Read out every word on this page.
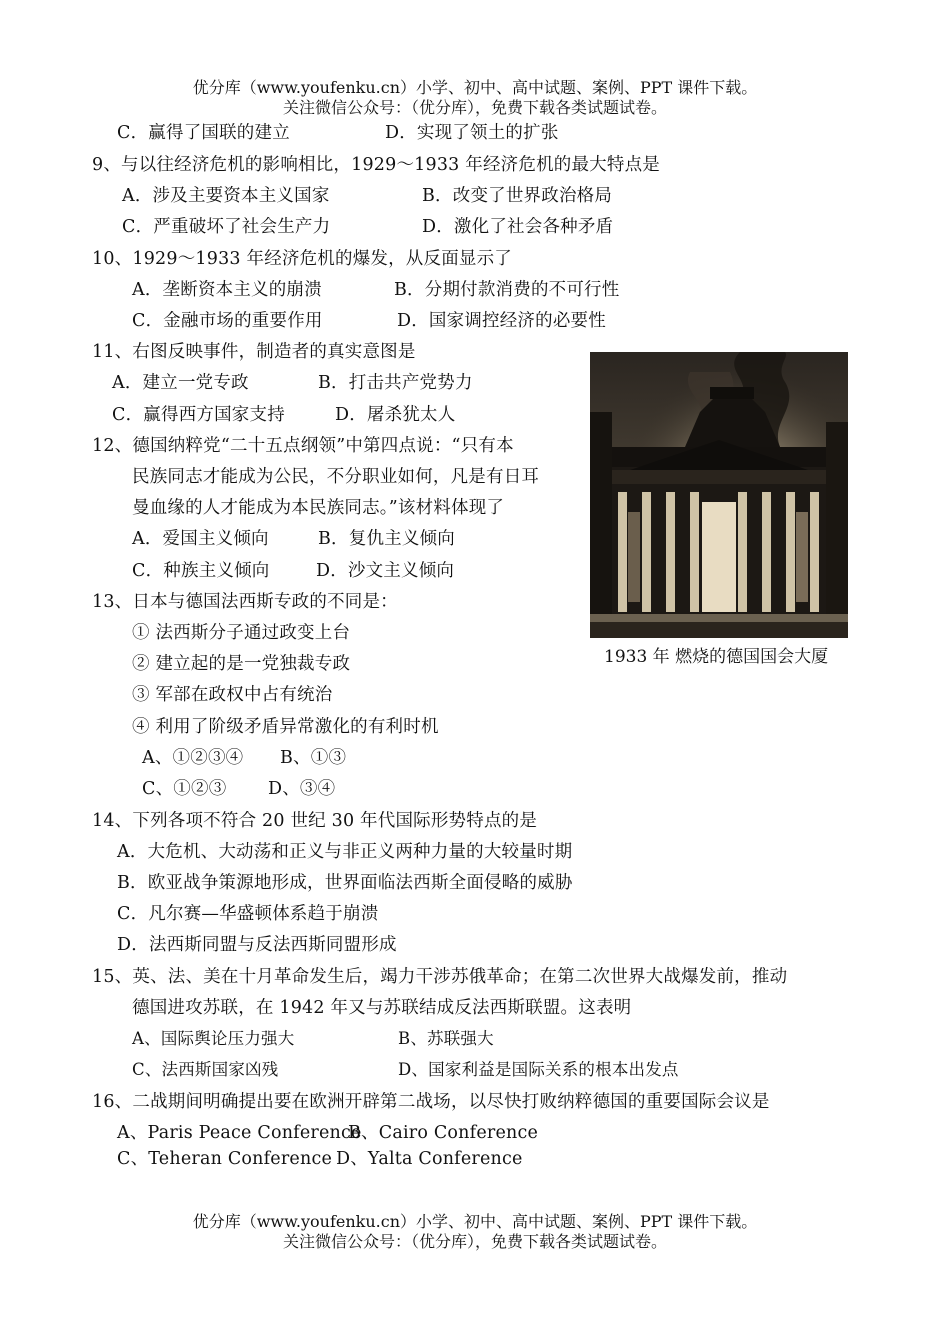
优分库（www.youfenku.cn）小学、初中、高中试题、案例、PPT 课件下载。
关注微信公众号：（优分库），免费下载各类试题试卷。
C．赢得了国联的建立	D．实现了领土的扩张
9、与以往经济危机的影响相比，1929～1933 年经济危机的最大特点是
A．涉及主要资本主义国家	B．改变了世界政治格局
C．严重破坏了社会生产力	D．激化了社会各种矛盾
10、1929～1933 年经济危机的爆发，从反面显示了
A．垄断资本主义的崩溃	B．分期付款消费的不可行性
C．金融市场的重要作用	D．国家调控经济的必要性
11、右图反映事件，制造者的真实意图是
A．建立一党专政	B．打击共产党势力
C．赢得西方国家支持	D．屠杀犹太人
1933 年 燃烧的德国国会大厦
12、德国纳粹党“二十五点纲领”中第四点说：“只有本
民族同志才能成为公民，不分职业如何，凡是有日耳
曼血缘的人才能成为本民族同志。”该材料体现了
A．爱国主义倾向	B．复仇主义倾向
C．种族主义倾向	D．沙文主义倾向
13、日本与德国法西斯专政的不同是：
① 法西斯分子通过政变上台
② 建立起的是一党独裁专政
③ 军部在政权中占有统治
④ 利用了阶级矛盾异常激化的有利时机
A、①②③④ B、①③
C、①②③ D、③④
14、下列各项不符合 20 世纪 30 年代国际形势特点的是
A．大危机、大动荡和正义与非正义两种力量的大较量时期
B．欧亚战争策源地形成，世界面临法西斯全面侵略的威胁
C．凡尔赛—华盛顿体系趋于崩溃
D．法西斯同盟与反法西斯同盟形成
15、英、法、美在十月革命发生后，竭力干涉苏俄革命；在第二次世界大战爆发前，推动
德国进攻苏联，在 1942 年又与苏联结成反法西斯联盟。这表明
A、国际舆论压力强大	B、苏联强大
C、法西斯国家凶残	D、国家利益是国际关系的根本出发点
16、二战期间明确提出要在欧洲开辟第二战场，以尽快打败纳粹德国的重要国际会议是
A、Paris Peace Conference
B、Cairo Conference
C、Teheran Conference D、Yalta Conference
优分库（www.youfenku.cn）小学、初中、高中试题、案例、PPT 课件下载。
关注微信公众号：（优分库），免费下载各类试题试卷。
